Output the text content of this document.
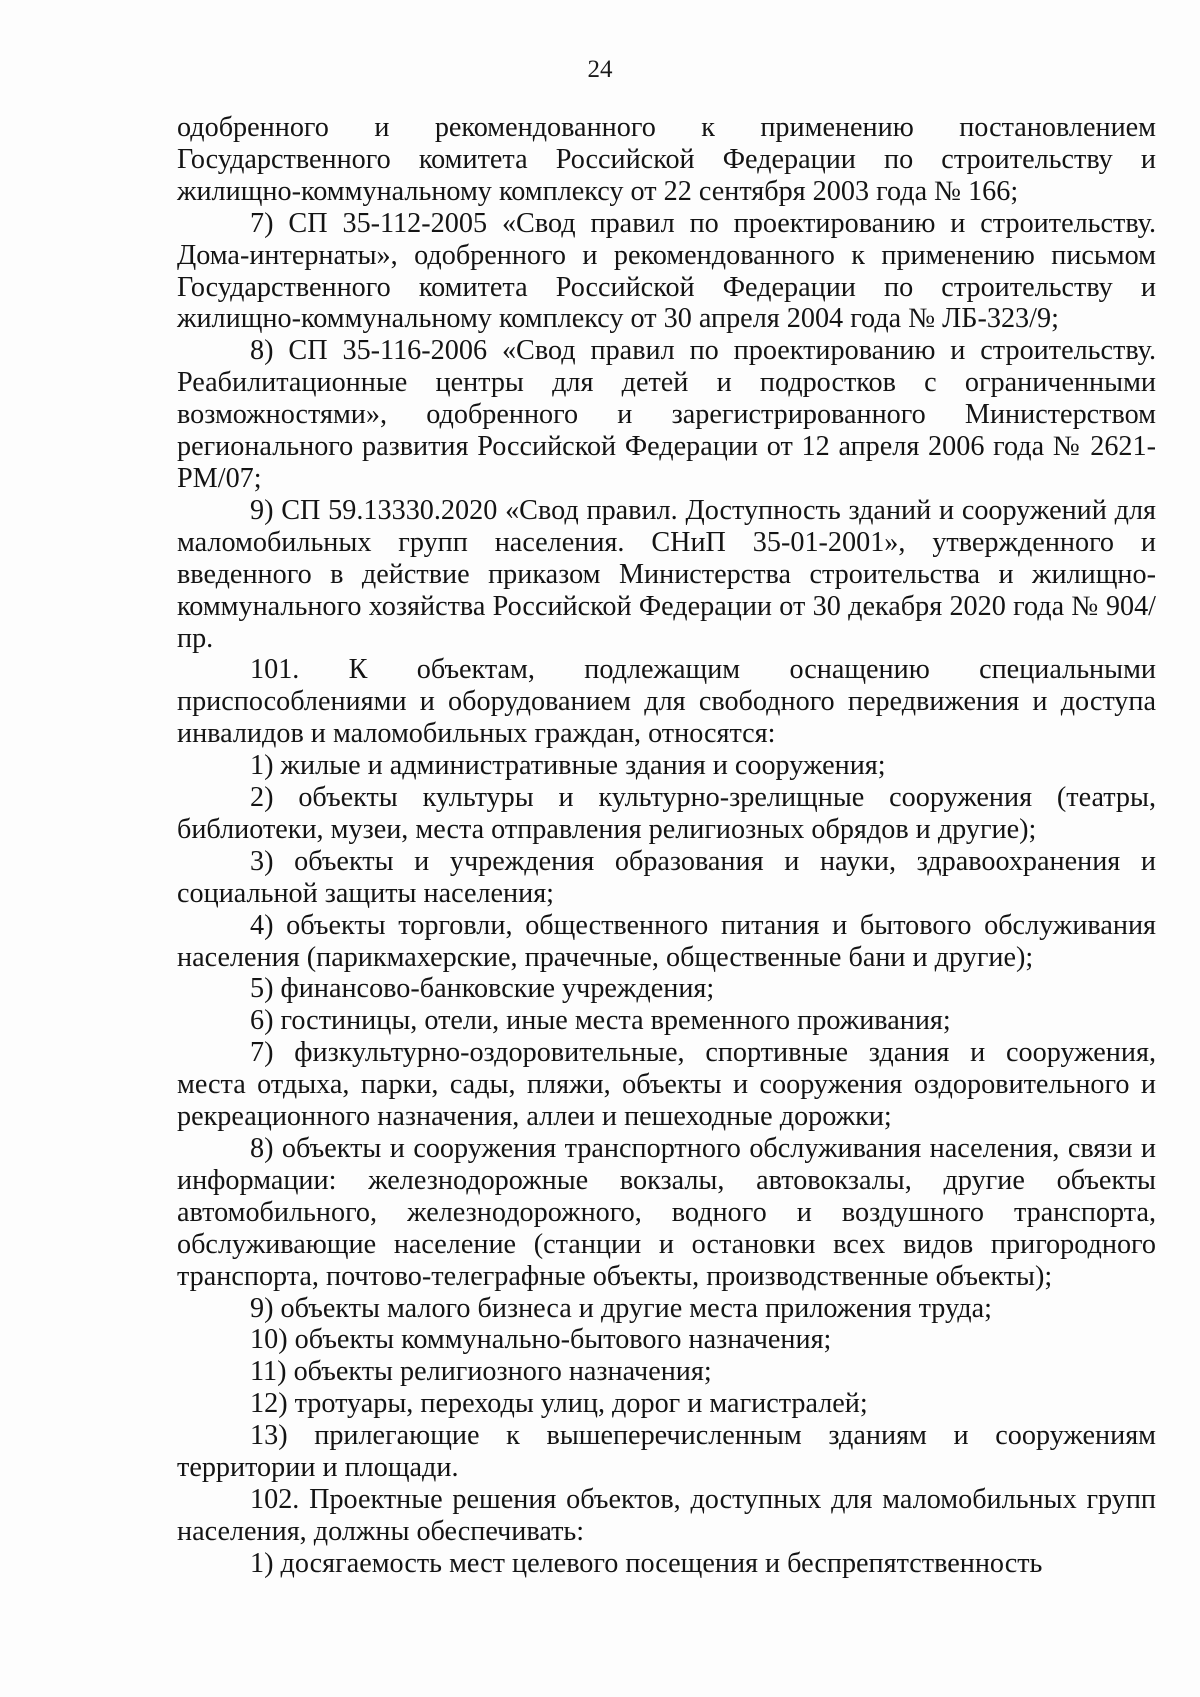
24

одобренного и рекомендованного к применению постановлением Государственного комитета Российской Федерации по строительству и жилищно-коммунальному комплексу от 22 сентября 2003 года № 166;

7) СП 35-112-2005 «Свод правил по проектированию и строительству. Дома-интернаты», одобренного и рекомендованного к применению письмом Государственного комитета Российской Федерации по строительству и жилищно-коммунальному комплексу от 30 апреля 2004 года № ЛБ-323/9;

8) СП 35-116-2006 «Свод правил по проектированию и строительству. Реабилитационные центры для детей и подростков с ограниченными возможностями», одобренного и зарегистрированного Министерством регионального развития Российской Федерации от 12 апреля 2006 года № 2621-РМ/07;

9) СП 59.13330.2020 «Свод правил. Доступность зданий и сооружений для маломобильных групп населения. СНиП 35-01-2001», утвержденного и введенного в действие приказом Министерства строительства и жилищно-коммунального хозяйства Российской Федерации от 30 декабря 2020 года № 904/пр.

101. К объектам, подлежащим оснащению специальными приспособлениями и оборудованием для свободного передвижения и доступа инвалидов и маломобильных граждан, относятся:

1) жилые и административные здания и сооружения;

2) объекты культуры и культурно-зрелищные сооружения (театры, библиотеки, музеи, места отправления религиозных обрядов и другие);

3) объекты и учреждения образования и науки, здравоохранения и социальной защиты населения;

4) объекты торговли, общественного питания и бытового обслуживания населения (парикмахерские, прачечные, общественные бани и другие);

5) финансово-банковские учреждения;

6) гостиницы, отели, иные места временного проживания;

7) физкультурно-оздоровительные, спортивные здания и сооружения, места отдыха, парки, сады, пляжи, объекты и сооружения оздоровительного и рекреационного назначения, аллеи и пешеходные дорожки;

8) объекты и сооружения транспортного обслуживания населения, связи и информации: железнодорожные вокзалы, автовокзалы, другие объекты автомобильного, железнодорожного, водного и воздушного транспорта, обслуживающие население (станции и остановки всех видов пригородного транспорта, почтово-телеграфные объекты, производственные объекты);

9) объекты малого бизнеса и другие места приложения труда;

10) объекты коммунально-бытового назначения;

11) объекты религиозного назначения;

12) тротуары, переходы улиц, дорог и магистралей;

13) прилегающие к вышеперечисленным зданиям и сооружениям территории и площади.

102. Проектные решения объектов, доступных для маломобильных групп населения, должны обеспечивать:

1) досягаемость мест целевого посещения и беспрепятственность
